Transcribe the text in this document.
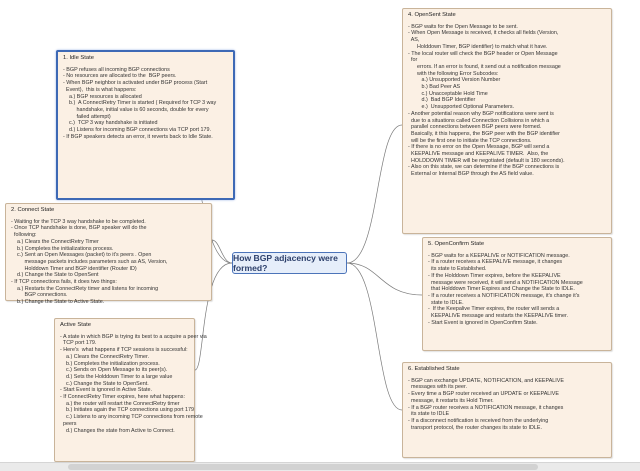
How BGP adjacency were formed?
1. Idle State
- BGP refuses all incoming BGP connections
- No resources are allocated to the  BGP peers.
- When BGP neighbor is activated under BGP process (Start
Event),  this is what happens:
a.) BGP resources is allocated
b.)  A ConnectRetry Timer is started ( Required for TCP 3 way
handshake, initial value is 60 seconds, double for every
failed attempt)
c.)  TCP 3 way handshake is initiated
d.) Listens for incoming BGP connections via TCP port 179.
- If BGP speakers detects an error, it reverts back to Idle State.
2. Connect State
- Waiting for the TCP 3 way handshake to be completed.
- Once TCP handshake is done, BGP speaker will do the
following:
a.) Clears the ConnectRetry Timer
b.) Completes the initializations process.
c.) Sent an Open Messages (packet) to it's peers . Open
message packets includes parameters such as AS, Version,
Holddown Timer and BGP identifier (Router ID)
d.) Change the State to OpenSent
- If TCP connections fails, it does two things:
a.) Restarts the ConnectRety timer and listens for incoming
BGP connections.
b.) Change the State to Active State.
Active State
- A state in which BGP is trying its best to a acquire a peer via
TCP port 179.
- Here's  what happens if TCP sessions is successful:
a.) Clears the ConnectRetry Timer.
b.) Completes the initialization process.
c.) Sends on Open Message to its peer(s).
d.) Sets the Holddown Timer to a large value
c.) Change the State to OpenSent.
- Start Event is ignored in Active State.
- If ConnectRetry Timer expires, here what happens:
a.) the router will restart the ConnectRetry timer
b.) Initiates again the TCP connections using port 179
c.) Listens to any incoming TCP connections from remote
peers
d.) Changes the state from Active to Connect.
4. OpenSent State
- BGP waits for the Open Message to be sent.
- When Open Message is received, it checks all fields (Version,
AS,
Holddown Timer, BGP identifier) to match what it have.
- The local router will check the BGP header or Open Message
for
errors. If an error is found, it send out a notification message
with the following Error Subcodes:
a.) Unsupported Version Number
b.) Bad Peer AS
c.) Unacceptable Hold Time
d.)  Bad BGP Identifier
e.)  Unsupported Optional Parameters.
- Another potential reason why BGP notifications were sent is
due to a situations called Connection Collisions in which a
parallel connections between BGP peers were formed.
Basically, it this happens, the BGP peer with the BGP identifier
will be the first one to initiate the TCP connections.
- If there is no error on the Open Message, BGP will send a
KEEPALIVE message and KEEPALIVE TIMER.  Also, the
HOLDDOWN TIMER will be negotiated (default is 180 seconds).
- Also on this state, we can determine if the BGP connections is
External or Internal BGP through the AS field value.
5. OpenConfirm State
- BGP waits for a KEEPALIVE or NOTIFICATION message.
- If a router receives a KEEPALIVE message, it changes
its state to Established.
- If the Holddown Timer expires, before the KEEPALIVE
message were received, it will send a NOTIFICATION Message
that Holddown Timer Expires and Change the State to IDLE.
- If a router receives a NOTIFICATION message, it's change it's
state to IDLE.
-  If the Keepalive Timer expires, the router will sends a
KEEPALIVE message and restarts the KEEPALIVE timer.
- Start Event is ignored in OpenConfirm State.
6. Established State
- BGP can exchange UPDATE, NOTIFICATION, and KEEPALIVE
messages with its peer.
- Every time a BGP router received an UPDATE or KEEPALIVE
message, it restarts its Hold Timer.
- If a BGP router receives a NOTIFICATION message, it changes
its state to IDLE
- If a disconnect notification is received from the underlying
transport protocol, the router changes its state to IDLE.
